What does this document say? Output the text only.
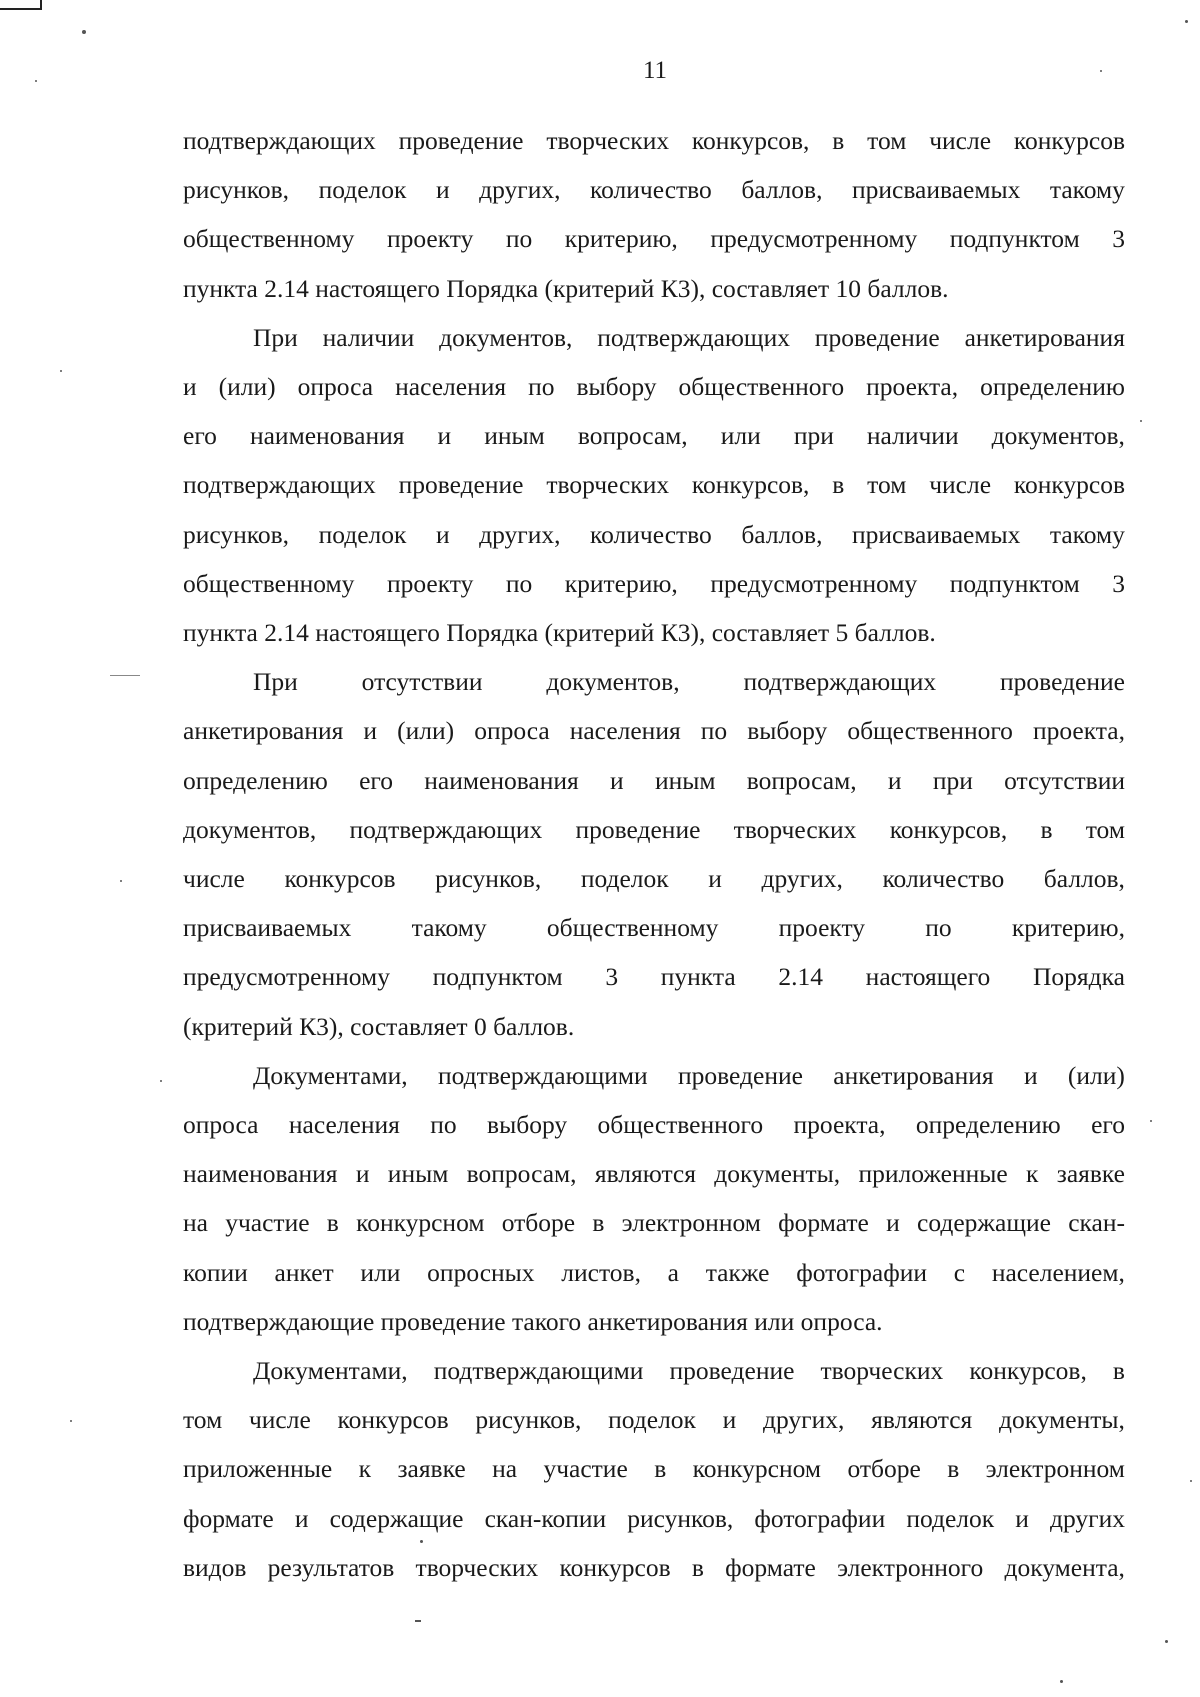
11
подтверждающих проведение творческих конкурсов, в том числе конкурсов
рисунков, поделок и других, количество баллов, присваиваемых такому
общественному проекту по критерию, предусмотренному подпунктом 3
пункта 2.14 настоящего Порядка (критерий К3), составляет 10 баллов.
При наличии документов, подтверждающих проведение анкетирования
и (или) опроса населения по выбору общественного проекта, определению
его наименования и иным вопросам, или при наличии документов,
подтверждающих проведение творческих конкурсов, в том числе конкурсов
рисунков, поделок и других, количество баллов, присваиваемых такому
общественному проекту по критерию, предусмотренному подпунктом 3
пункта 2.14 настоящего Порядка (критерий К3), составляет 5 баллов.
При	отсутствии	документов,	подтверждающих	проведение
анкетирования и (или) опроса населения по выбору общественного проекта,
определению его наименования и иным вопросам, и при отсутствии
документов, подтверждающих проведение творческих конкурсов, в том
числе конкурсов рисунков, поделок и других, количество баллов,
присваиваемых такому общественному проекту по критерию,
предусмотренному подпунктом 3 пункта 2.14 настоящего Порядка
(критерий К3), составляет 0 баллов.
Документами, подтверждающими проведение анкетирования и (или)
опроса населения по выбору общественного проекта, определению его
наименования и иным вопросам, являются документы, приложенные к заявке
на участие в конкурсном отборе в электронном формате и содержащие скан-
копии анкет или опросных листов, а также фотографии с населением,
подтверждающие проведение такого анкетирования или опроса.
Документами, подтверждающими проведение творческих конкурсов, в
том числе конкурсов рисунков, поделок и других, являются документы,
приложенные к заявке на участие в конкурсном отборе в электронном
формате и содержащие скан-копии рисунков, фотографии поделок и других
видов результатов творческих конкурсов в формате электронного документа,
